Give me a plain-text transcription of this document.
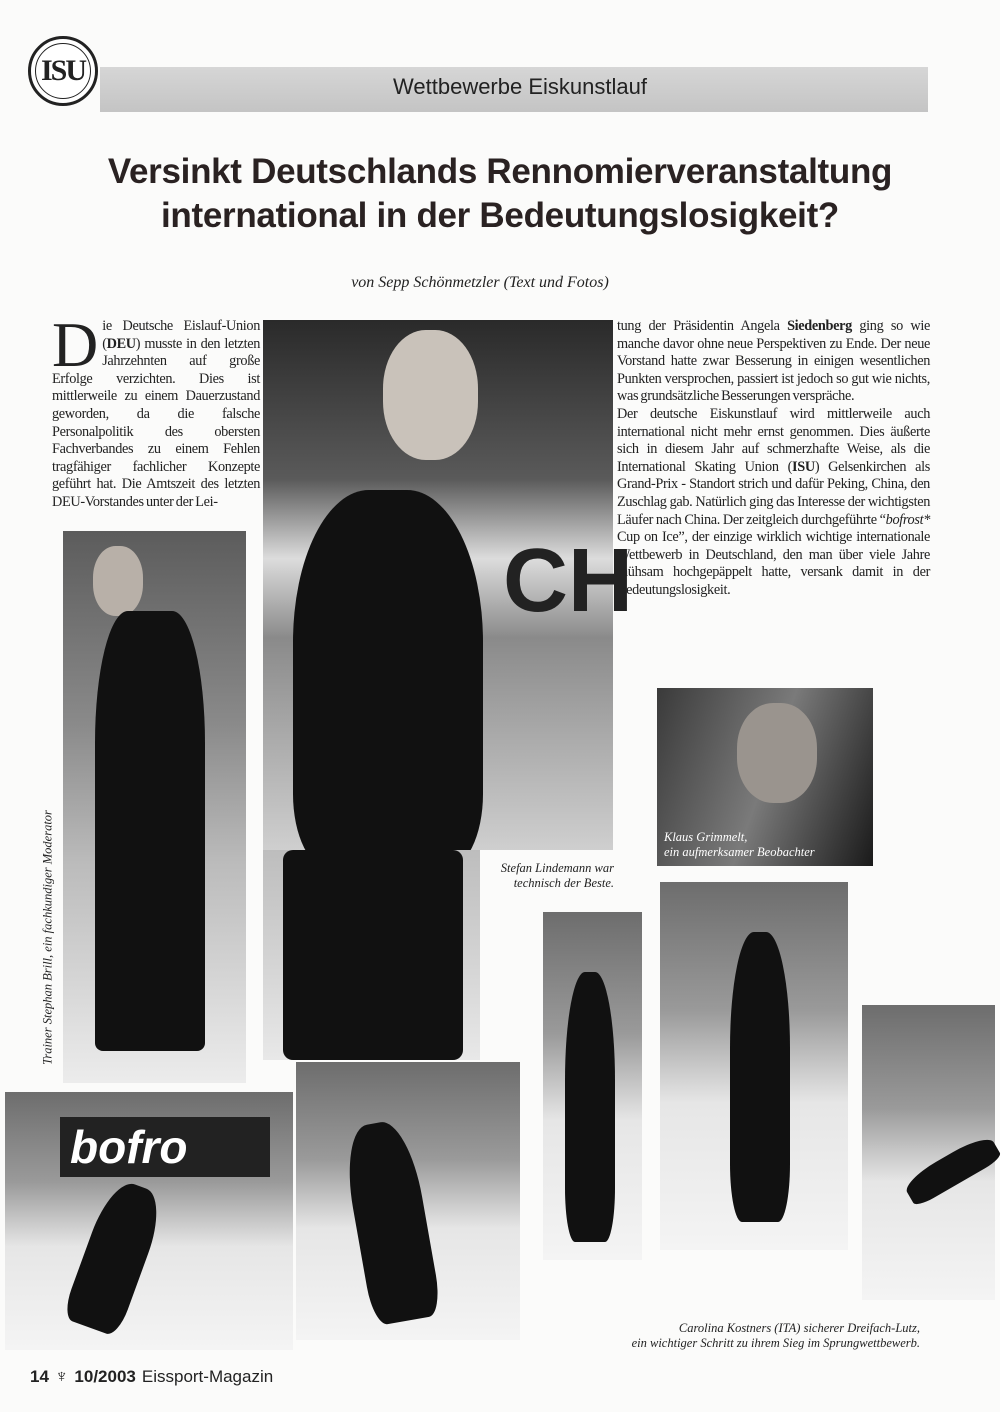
ISU	Wettbewerbe Eiskunstlauf
Versinkt Deutschlands Rennomierveranstaltung
international in der Bedeutungslosigkeit?
von Sepp Schönmetzler (Text und Fotos)
Die Deutsche Eislauf-Union (DEU) musste in den letzten Jahrzehnten auf große Erfolge verzichten. Dies ist mittlerweile zu einem Dauerzustand geworden, da die falsche Personalpolitik des obersten Fachverbandes zu einem Fehlen tragfähiger fachlicher Konzepte geführt hat. Die Amtszeit des letzten DEU-Vorstandes unter der Lei-
tung der Präsidentin Angela Siedenberg ging so wie manche davor ohne neue Perspektiven zu Ende. Der neue Vorstand hatte zwar Besserung in einigen wesentlichen Punkten versprochen, passiert ist jedoch so gut wie nichts, was grundsätzliche Besserungen verspräche.
Der deutsche Eiskunstlauf wird mittlerweile auch international nicht mehr ernst genommen. Dies äußerte sich in diesem Jahr auf schmerzhafte Weise, als die International Skating Union (ISU) Gelsenkirchen als Grand-Prix - Standort strich und dafür Peking, China, den Zuschlag gab. Natürlich ging das Interesse der wichtigsten Läufer nach China. Der zeitgleich durchgeführte “bofrost* Cup on Ice”, der einzige wirklich wichtige internationale Wettbewerb in Deutschland, den man über viele Jahre mühsam hochgepäppelt hatte, versank damit in der Bedeutungslosigkeit.
CH
Stefan Lindemann war technisch der Beste.
Trainer Stephan Brill, ein fachkundiger Moderator	Klaus Grimmelt,
ein aufmerksamer Beobachter
bofro
Carolina Kostners (ITA) sicherer Dreifach-Lutz,
ein wichtiger Schritt zu ihrem Sieg im Sprungwettbewerb.
14 ♆ 10/2003 Eissport-Magazin
